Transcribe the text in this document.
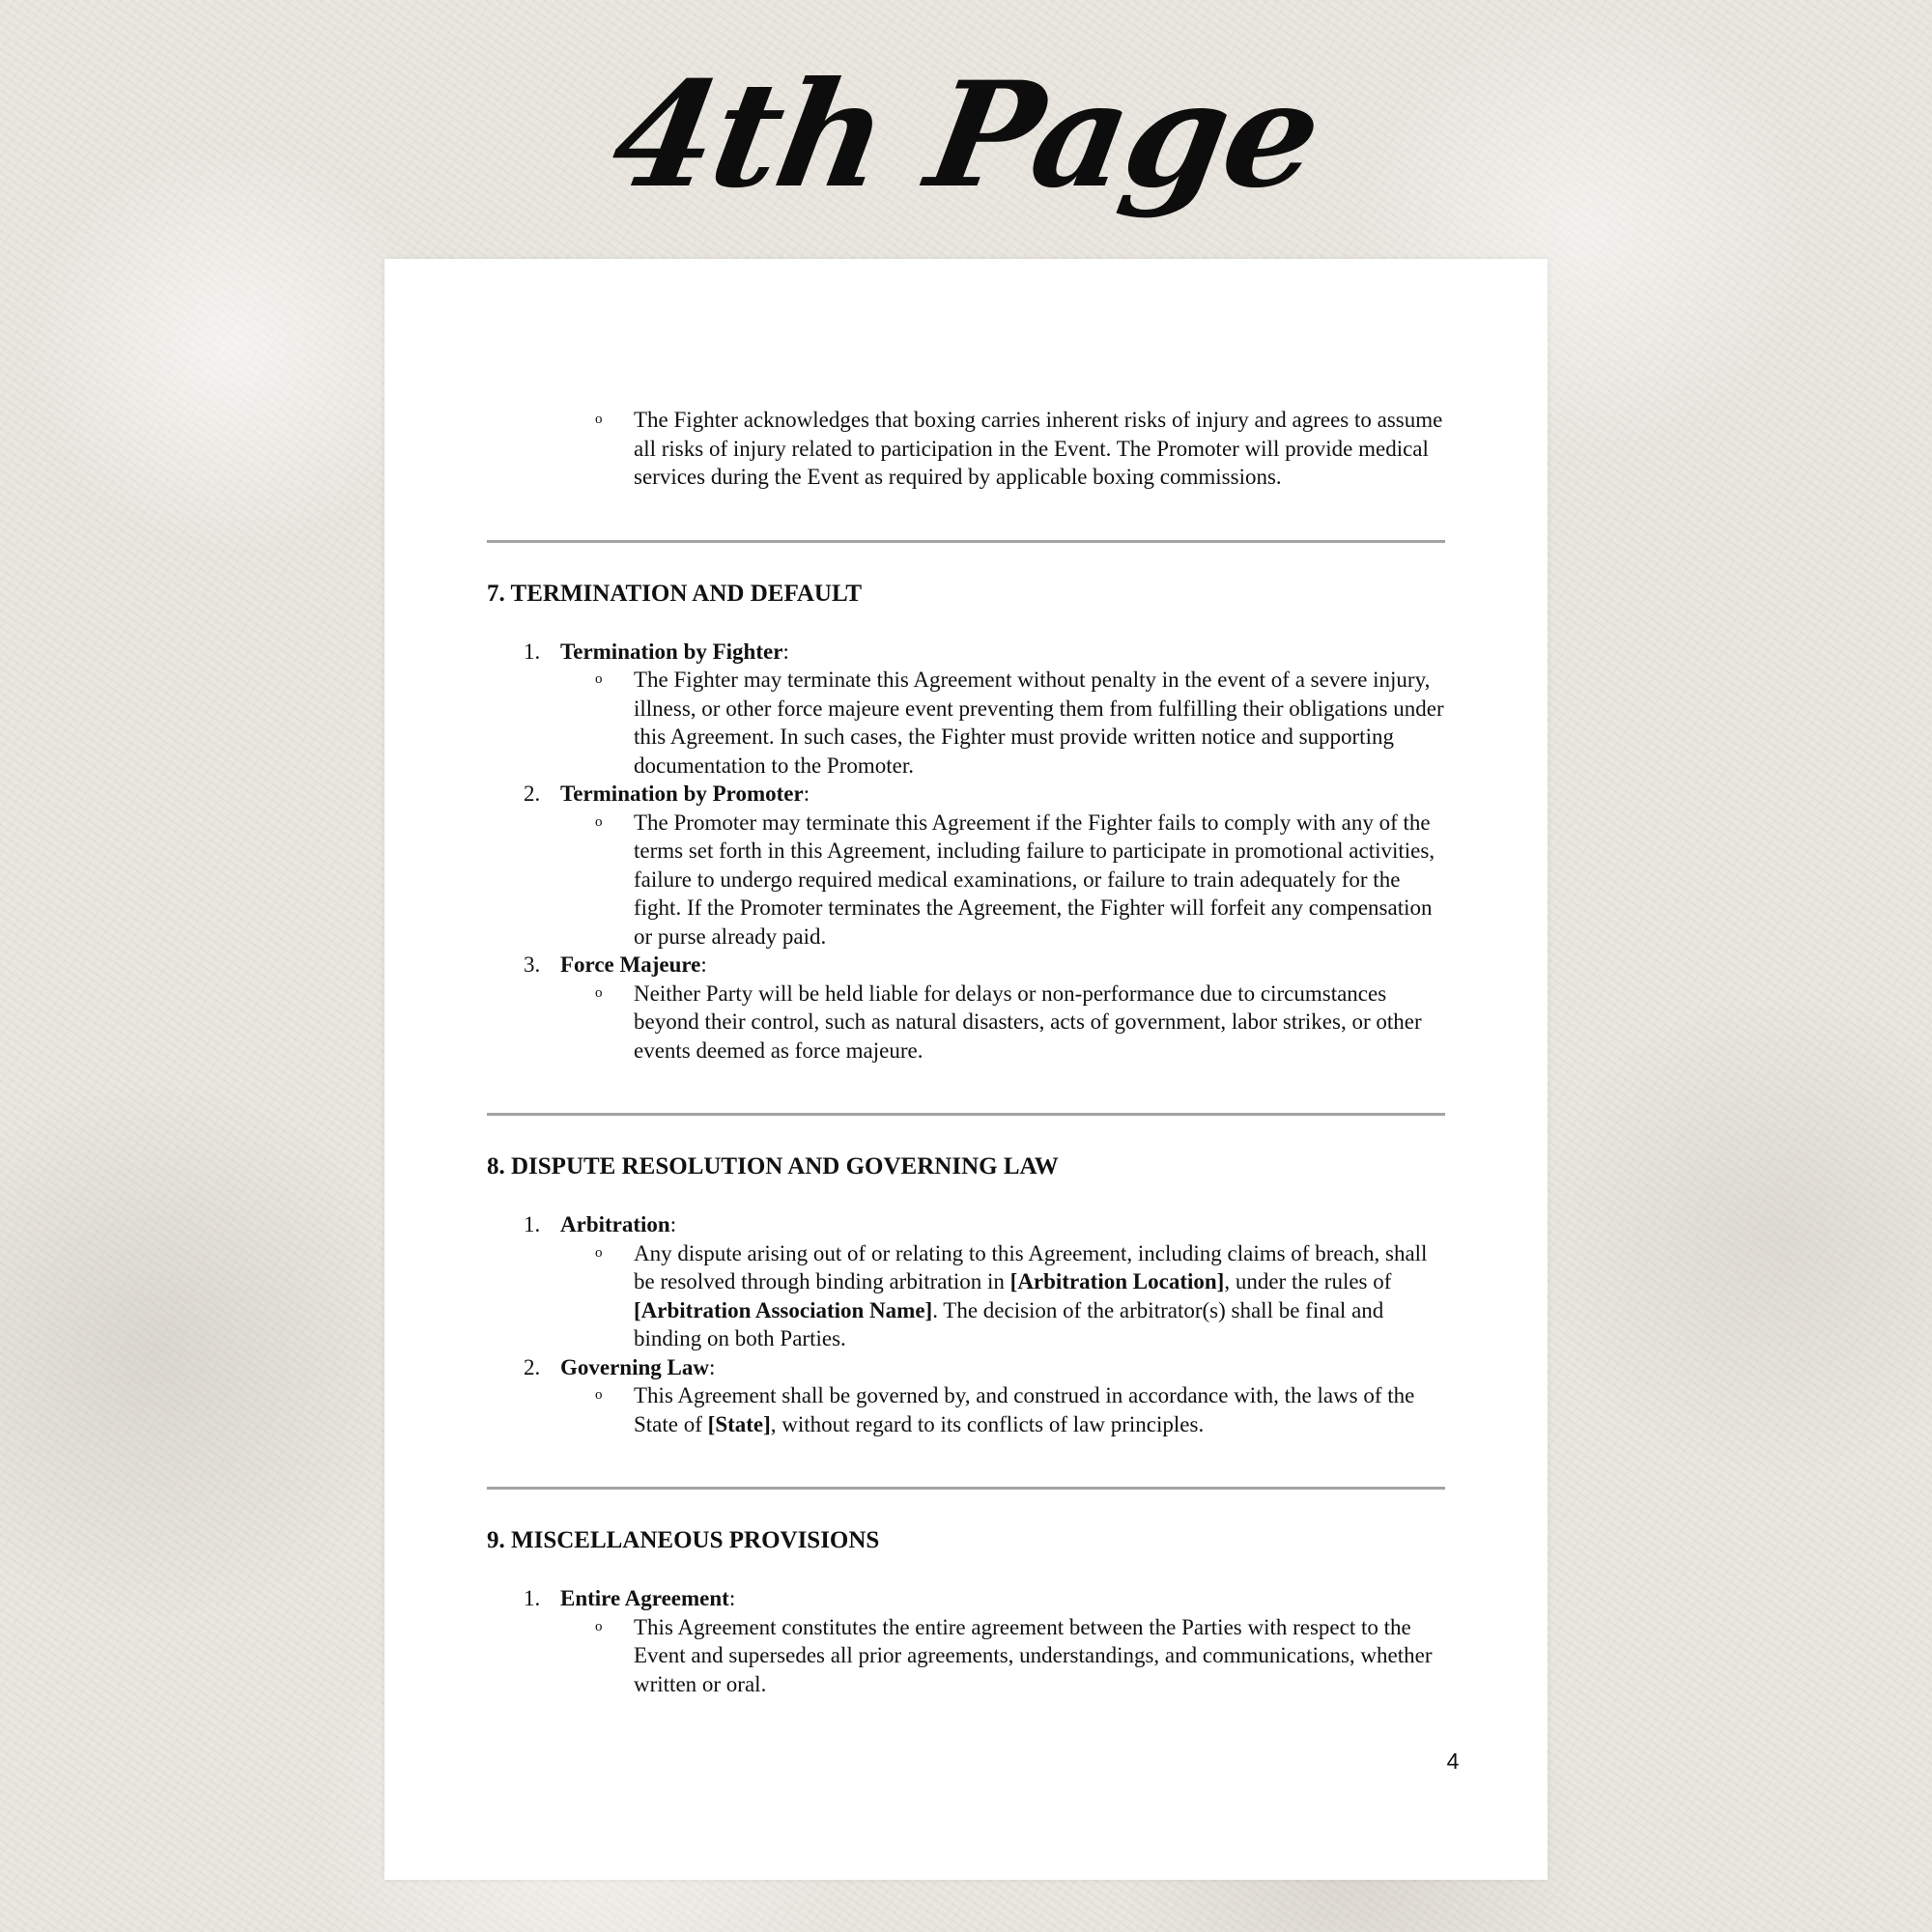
4th Page
o The Fighter acknowledges that boxing carries inherent risks of injury and agrees to assume all risks of injury related to participation in the Event. The Promoter will provide medical services during the Event as required by applicable boxing commissions.
7. TERMINATION AND DEFAULT
1. Termination by Fighter:
o The Fighter may terminate this Agreement without penalty in the event of a severe injury, illness, or other force majeure event preventing them from fulfilling their obligations under this Agreement. In such cases, the Fighter must provide written notice and supporting documentation to the Promoter.
2. Termination by Promoter:
o The Promoter may terminate this Agreement if the Fighter fails to comply with any of the terms set forth in this Agreement, including failure to participate in promotional activities, failure to undergo required medical examinations, or failure to train adequately for the fight. If the Promoter terminates the Agreement, the Fighter will forfeit any compensation or purse already paid.
3. Force Majeure:
o Neither Party will be held liable for delays or non-performance due to circumstances beyond their control, such as natural disasters, acts of government, labor strikes, or other events deemed as force majeure.
8. DISPUTE RESOLUTION AND GOVERNING LAW
1. Arbitration:
o Any dispute arising out of or relating to this Agreement, including claims of breach, shall be resolved through binding arbitration in [Arbitration Location], under the rules of [Arbitration Association Name]. The decision of the arbitrator(s) shall be final and binding on both Parties.
2. Governing Law:
o This Agreement shall be governed by, and construed in accordance with, the laws of the State of [State], without regard to its conflicts of law principles.
9. MISCELLANEOUS PROVISIONS
1. Entire Agreement:
o This Agreement constitutes the entire agreement between the Parties with respect to the Event and supersedes all prior agreements, understandings, and communications, whether written or oral.
4
